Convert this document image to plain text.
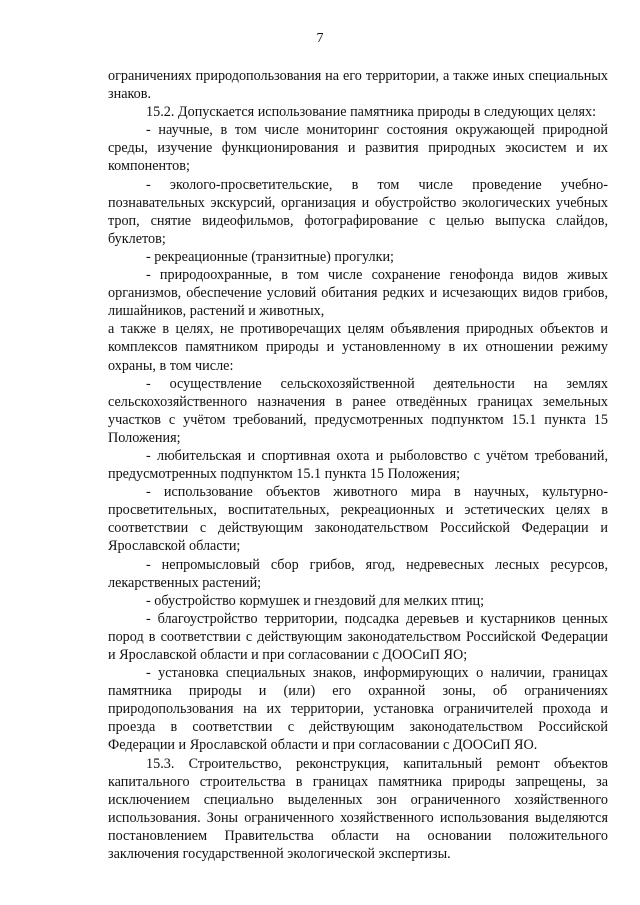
7

ограничениях природопользования на его территории, а также иных специальных знаков.

15.2. Допускается использование памятника природы в следующих целях:

- научные, в том числе мониторинг состояния окружающей природной среды, изучение функционирования и развития природных экосистем и их компонентов;

- эколого-просветительские, в том числе проведение учебно-познавательных экскурсий, организация и обустройство экологических учебных троп, снятие видеофильмов, фотографирование с целью выпуска слайдов, буклетов;

- рекреационные (транзитные) прогулки;

- природоохранные, в том числе сохранение генофонда видов живых организмов, обеспечение условий обитания редких и исчезающих видов грибов, лишайников, растений и животных,

а также в целях, не противоречащих целям объявления природных объектов и комплексов памятником природы и установленному в их отношении режиму охраны, в том числе:

- осуществление сельскохозяйственной деятельности на землях сельскохозяйственного назначения в ранее отведённых границах земельных участков с учётом требований, предусмотренных подпунктом 15.1 пункта 15 Положения;

- любительская и спортивная охота и рыболовство с учётом требований, предусмотренных подпунктом 15.1 пункта 15 Положения;

- использование объектов животного мира в научных, культурно-просветительных, воспитательных, рекреационных и эстетических целях в соответствии с действующим законодательством Российской Федерации и Ярославской области;

- непромысловый сбор грибов, ягод, недревесных лесных ресурсов, лекарственных растений;

- обустройство кормушек и гнездовий для мелких птиц;

- благоустройство территории, подсадка деревьев и кустарников ценных пород в соответствии с действующим законодательством Российской Федерации и Ярославской области и при согласовании с ДООСиП ЯО;

- установка специальных знаков, информирующих о наличии, границах памятника природы и (или) его охранной зоны, об ограничениях природопользования на их территории, установка ограничителей прохода и проезда в соответствии с действующим законодательством Российской Федерации и Ярославской области и при согласовании с ДООСиП ЯО.

15.3. Строительство, реконструкция, капитальный ремонт объектов капитального строительства в границах памятника природы запрещены, за исключением специально выделенных зон ограниченного хозяйственного использования. Зоны ограниченного хозяйственного использования выделяются постановлением Правительства области на основании положительного заключения государственной экологической экспертизы.
